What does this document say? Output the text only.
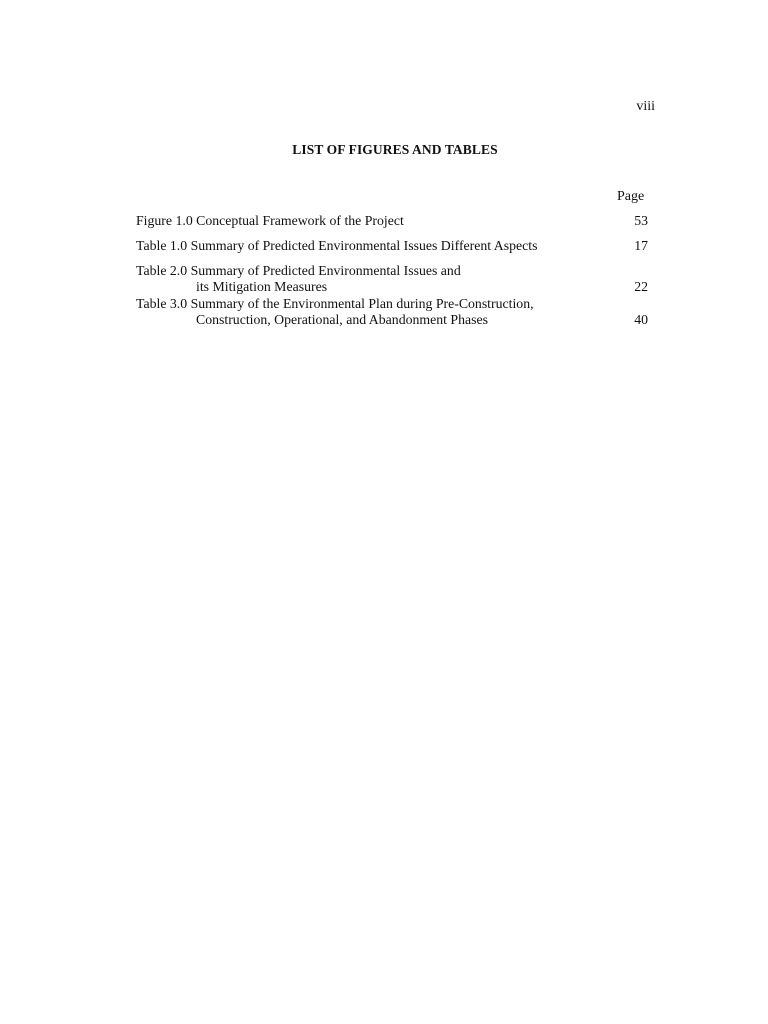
viii
LIST OF FIGURES AND TABLES
Page
Figure 1.0 Conceptual Framework of the Project	53
Table 1.0 Summary of Predicted Environmental Issues Different Aspects	17
Table 2.0 Summary of Predicted Environmental Issues and
its Mitigation Measures	22
Table 3.0 Summary of the Environmental Plan during Pre-Construction,
Construction, Operational, and Abandonment Phases	40
